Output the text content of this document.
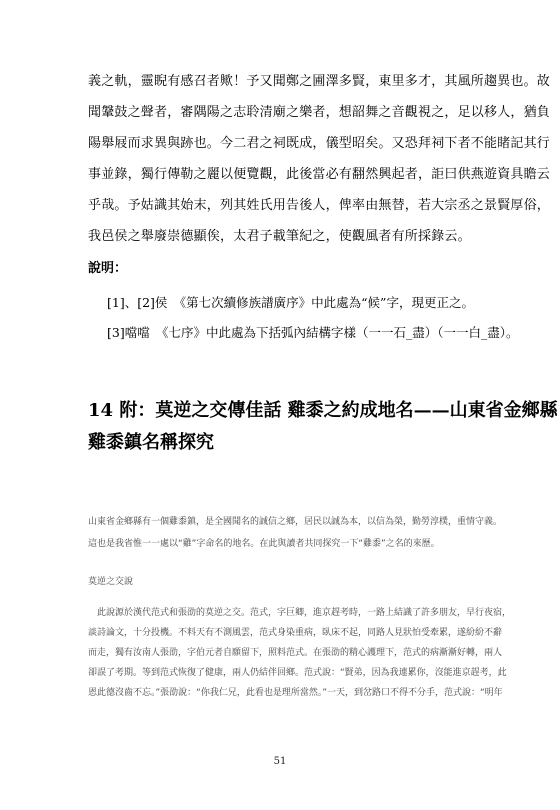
義之軌，靈睨有感召者歟！予又聞鄭之圃澤多賢，東里多才，其風所趨異也。故
聞鞶鼓之聲者，審隅陽之志聆清廟之樂者，想韶舞之音觀視之，足以移人，猶負
陽舉屐而求異與跡也。今二君之祠既成，儀型昭矣。又恐拜祠下者不能睹記其行
事並錄，獨行傳勒之麗以便覽觀，此後當必有翻然興起者，詎曰供燕遊資具瞻云
乎哉。予姑識其始末，列其姓氏用告後人，俾率由無替，若大宗丞之景賢厚俗，
我邑侯之舉廢崇德顯俟，太君子載筆紀之，使觀風者有所採錄云。
說明：
[1]、[2]侯　《第七次續修族譜廣序》中此處為“候”字，現更正之。
[3]噹噹　《七序》中此處為下括弧內結構字樣（一一石_盡）（一一白_盡）。
14 附：莫逆之交傳佳話 雞黍之約成地名——山東省金鄉縣
雞黍鎮名稱探究
山東省金鄉縣有一個雞黍鎮，是全國聞名的誠信之鄉，居民以誠為本，以信為榮，勤勞淳樸，重情守義。
這也是我省惟一一處以“雞”字命名的地名。在此與讀者共同探究一下“雞黍”之名的來歷。
莫逆之交說
　此說源於漢代范式和張劭的莫逆之交。范式，字巨卿，進京趕考時，一路上結識了許多朋友，早行夜宿，
談詩論文，十分投機。不料天有不測風雲，范式身染重病，臥床不起，同路人見狀怕受牽累，遂紛紛不辭
而走，獨有汝南人張劭，字伯元者自願留下，照料范式。在張劭的精心護理下，范式的病漸漸好轉，兩人
卻誤了考期。等到范式恢復了健康，兩人仍結伴回鄉。范式說：“賢弟，因為我連累你，沒能進京趕考，此
恩此德沒齒不忘。”張劭說：“你我仁兄，此看也是理所當然。”一天，到岔路口不得不分手，范式說：“明年
51
